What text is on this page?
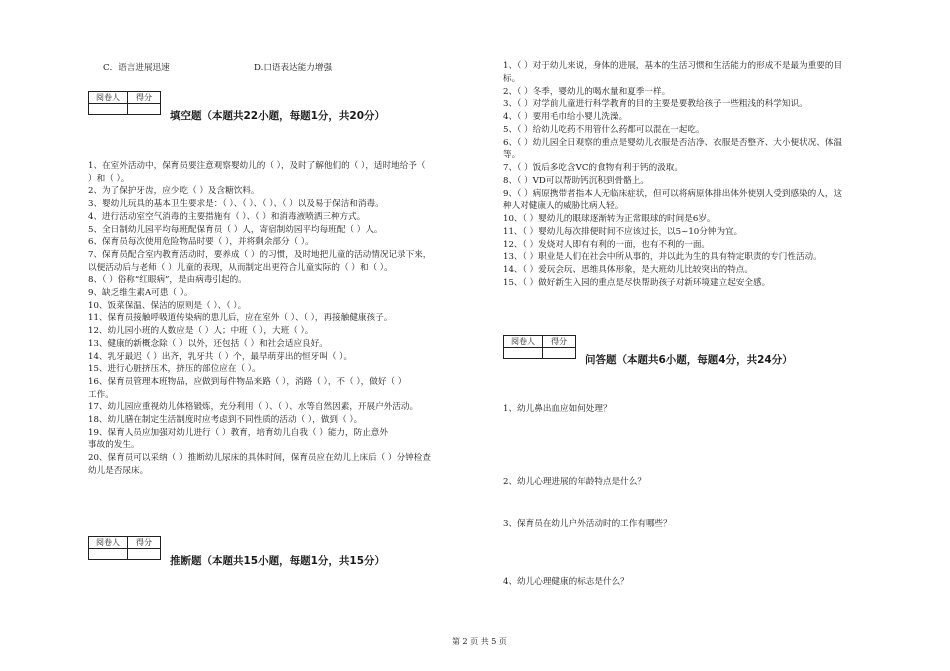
C．语言进展迅速	D.口语表达能力增强
阅卷人	得分

填空题（本题共22小题，每题1分，共20分）
1、在室外活动中，保育员要注意观察婴幼儿的（ ），及时了解他们的（ ），适时地给予（
）和（ ）。
2、为了保护牙齿，应少吃（ ）及含糖饮料。
3、婴幼儿玩具的基本卫生要求是：（ ）、（ ）、（ ）、（ ）以及易于保洁和消毒。
4、进行活动室空气消毒的主要措施有（ ）、（ ）和消毒液喷洒三种方式。
5、全日制幼儿园平均每班配保育员（ ）人，寄宿制幼园平均每班配（ ）人。
6、保育员每次使用危险物品时要（ ），并将剩余部分（ ）。
7、保育员配合室内教育活动时，要养成（ ）的习惯，及时地把儿童的活动情况记录下来，
以便活动后与老师（ ）儿童的表现，从而制定出更符合儿童实际的（ ）和（ ）。
8、（ ）俗称“红眼病”，是由病毒引起的。
9、缺乏维生素A可患（ ）。
10、饭菜保温、保洁的原则是（ ）、（ ）。
11、保育员接触呼吸道传染病的患儿后，应在室外（ ）、（ ），再接触健康孩子。
12、幼儿园小班的人数应是（ ）人；中班（ ），大班（ ）。
13、健康的新概念除（ ）以外，还包括（ ）和社会适应良好。
14、乳牙最迟（ ）出齐，乳牙共（ ）个，最早萌芽出的恒牙叫（ ）。
15、进行心脏挤压术，挤压的部位应在（ ）。
16、保育员管理本班物品，应做到每件物品来路（ ），消路（ ），不（ ），做好（ ）
工作。
17、幼儿园应重视幼儿体格锻炼，充分利用（ ）、（ ）、水等自然因素，开展户外活动。
18、幼儿膳在制定生活制度时应考虑到不同性质的活动（ ），做到（ ）。
19、保育人员应加强对幼儿进行（ ）教育，培育幼儿自我（ ）能力，防止意外
事故的发生。
20、保育员可以采纳（ ）推断幼儿尿床的具体时间，保育员应在幼儿上床后（ ）分钟检查
幼儿是否尿床。
阅卷人	得分

推断题（本题共15小题，每题1分，共15分）
1、（ ）对于幼儿来说，身体的进展，基本的生活习惯和生活能力的形成不是最为重要的目
标。
2、（ ）冬季，婴幼儿的喝水量和夏季一样。
3、（ ）对学前儿童进行科学教育的目的主要是要教给孩子一些粗浅的科学知识。
4、（ ）要用毛巾给小婴儿洗澡。
5、（ ）给幼儿吃药不用管什么药都可以混在一起吃。
6、（ ）幼儿园全日观察的重点是婴幼儿衣服是否洁净、衣服是否整齐、大小便状况、体温
等。
7、（ ）饭后多吃含VC的食物有利于钙的汲取。
8、（ ）VD可以帮助钙沉积到骨骼上。
9、（ ）病原携带者指本人无临床症状，但可以将病原体排出体外使别人受到感染的人，这
种人对健康人的威胁比病人轻。
10、（ ）婴幼儿的眼球逐渐转为正常眼球的时间是6岁。
11、（ ）婴幼儿每次排便时间不应该过长，以5~10分钟为宜。
12、（ ）发烧对人即有有利的一面，也有不利的一面。
13、（ ）职业是人们在社会中所从事的，并以此为生的具有特定职责的专门性活动。
14、（ ）爱玩会玩、思维具体形象，是大班幼儿比较突出的特点。
15、（ ）做好新生入园的重点是尽快帮助孩子对新环境建立起安全感。
阅卷人	得分

问答题（本题共6小题，每题4分，共24分）
1、幼儿鼻出血应如何处理？
2、幼儿心理进展的年龄特点是什么？
3、保育员在幼儿户外活动时的工作有哪些？
4、幼儿心理健康的标志是什么？
第 2 页 共 5 页
